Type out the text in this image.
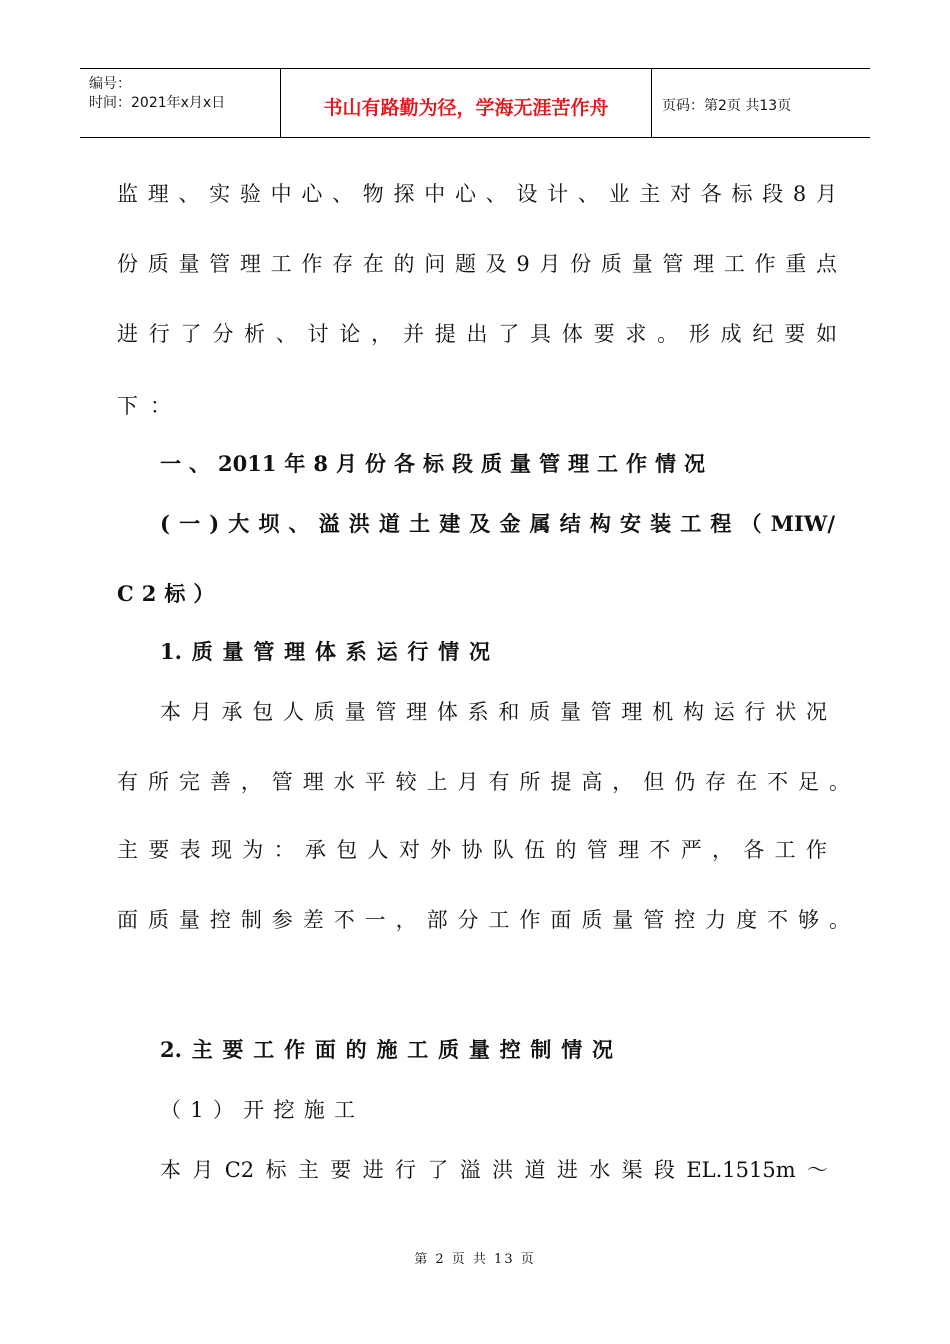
编号：
时间：2021年x月x日	书山有路勤为径，学海无涯苦作舟	页码：第2页 共13页
监理、实验中心、物探中心、设计、业主对各标段8月
份质量管理工作存在的问题及9月份质量管理工作重点
进行了分析、讨论，并提出了具体要求。形成纪要如
下：
一、2011年8月份各标段质量管理工作情况
(一)大坝、溢洪道土建及金属结构安装工程（MIW/
C2标）
1.质量管理体系运行情况
本月承包人质量管理体系和质量管理机构运行状况
有所完善，管理水平较上月有所提高，但仍存在不足。
主要表现为：承包人对外协队伍的管理不严，各工作
面质量控制参差不一，部分工作面质量管控力度不够。
2.主要工作面的施工质量控制情况
（1）开挖施工
本月C2标主要进行了溢洪道进水渠段EL.1515m～
第 2 页 共 13 页
